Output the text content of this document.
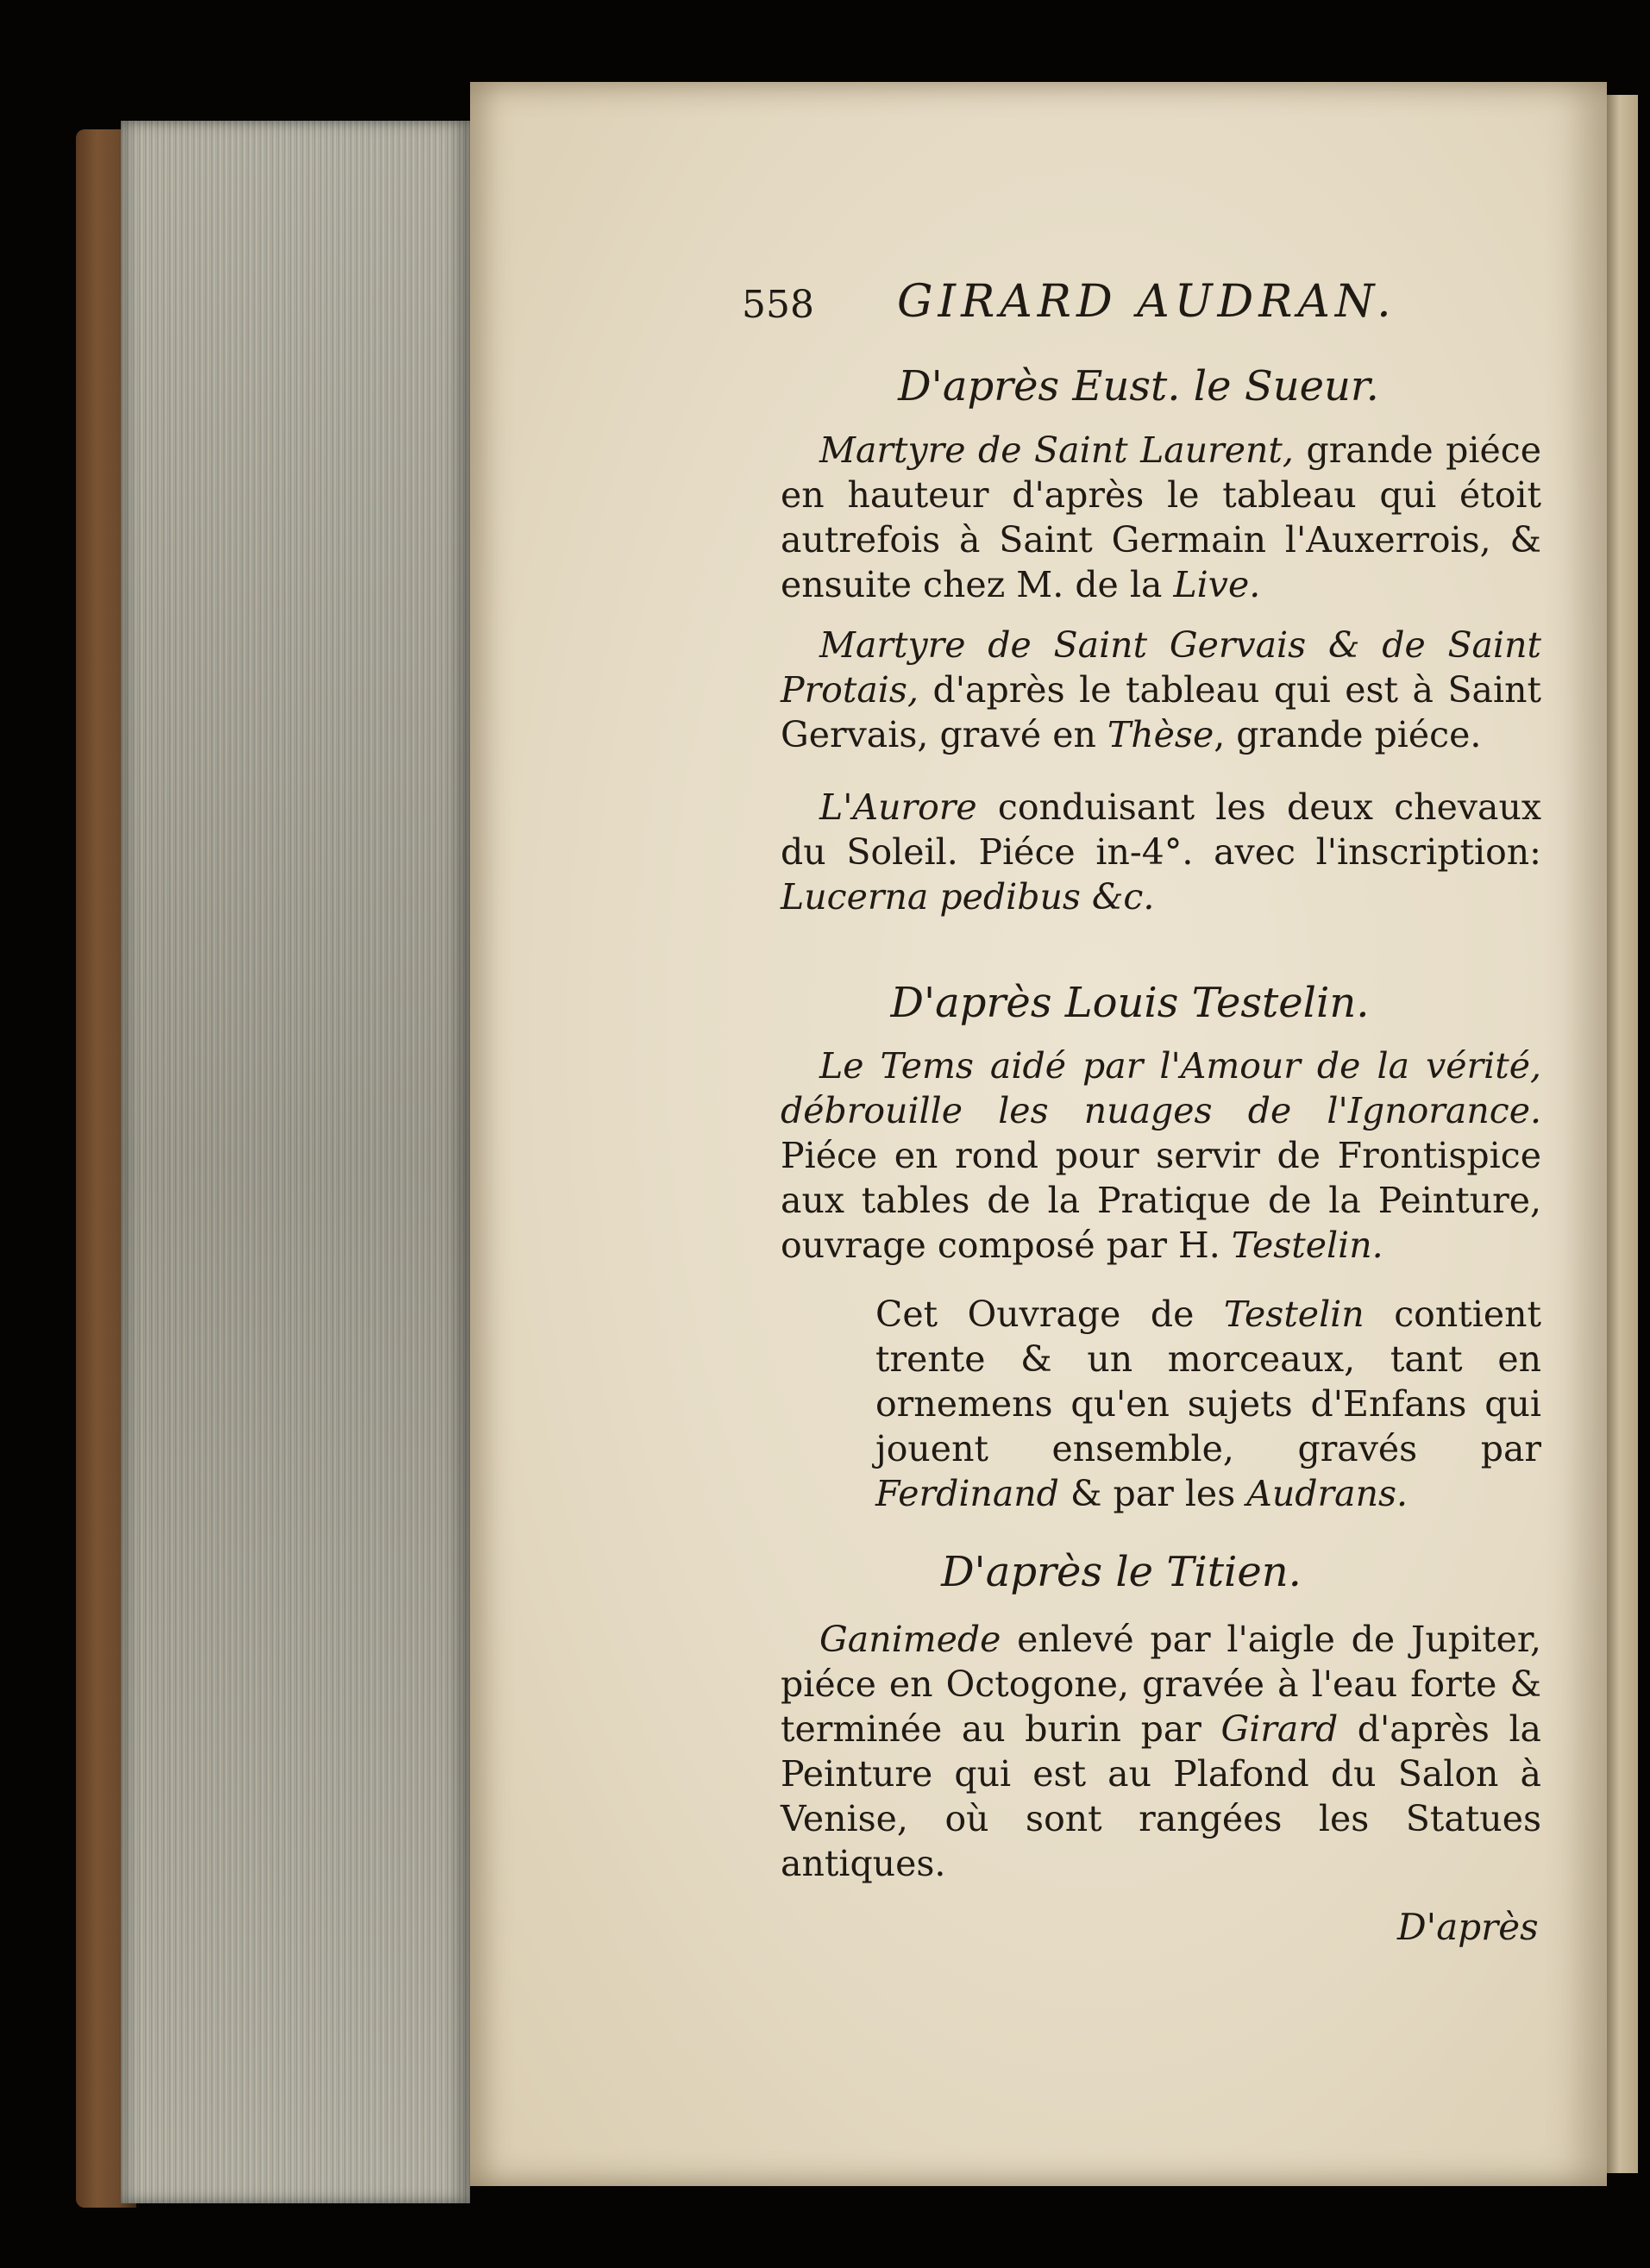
558 GIRARD AUDRAN.
D'après Eust. le Sueur.

Martyre de Saint Laurent, grande piéce en hauteur d'après le tableau qui étoit autrefois à Saint Germain l'Auxerrois, & ensuite chez M. de la Live.

Martyre de Saint Gervais & de Saint Protais, d'après le tableau qui est à Saint Gervais, gravé en Thèse, grande piéce.

L'Aurore conduisant les deux chevaux du Soleil. Piéce in-4°. avec l'inscription: Lucerna pedibus &c.

D'après Louis Testelin.

Le Tems aidé par l'Amour de la vérité, débrouille les nuages de l'Ignorance. Piéce en rond pour servir de Frontispice aux tables de la Pratique de la Peinture, ouvrage composé par H. Testelin.

Cet Ouvrage de Testelin contient trente & un morceaux, tant en ornemens qu'en sujets d'Enfans qui jouent ensemble, gravés par Ferdinand & par les Audrans.

D'après le Titien.

Ganimede enlevé par l'aigle de Jupiter, piéce en Octogone, gravée à l'eau forte & terminée au burin par Girard d'après la Peinture qui est au Plafond du Salon à Venise, où sont rangées les Statues antiques.

D'après
